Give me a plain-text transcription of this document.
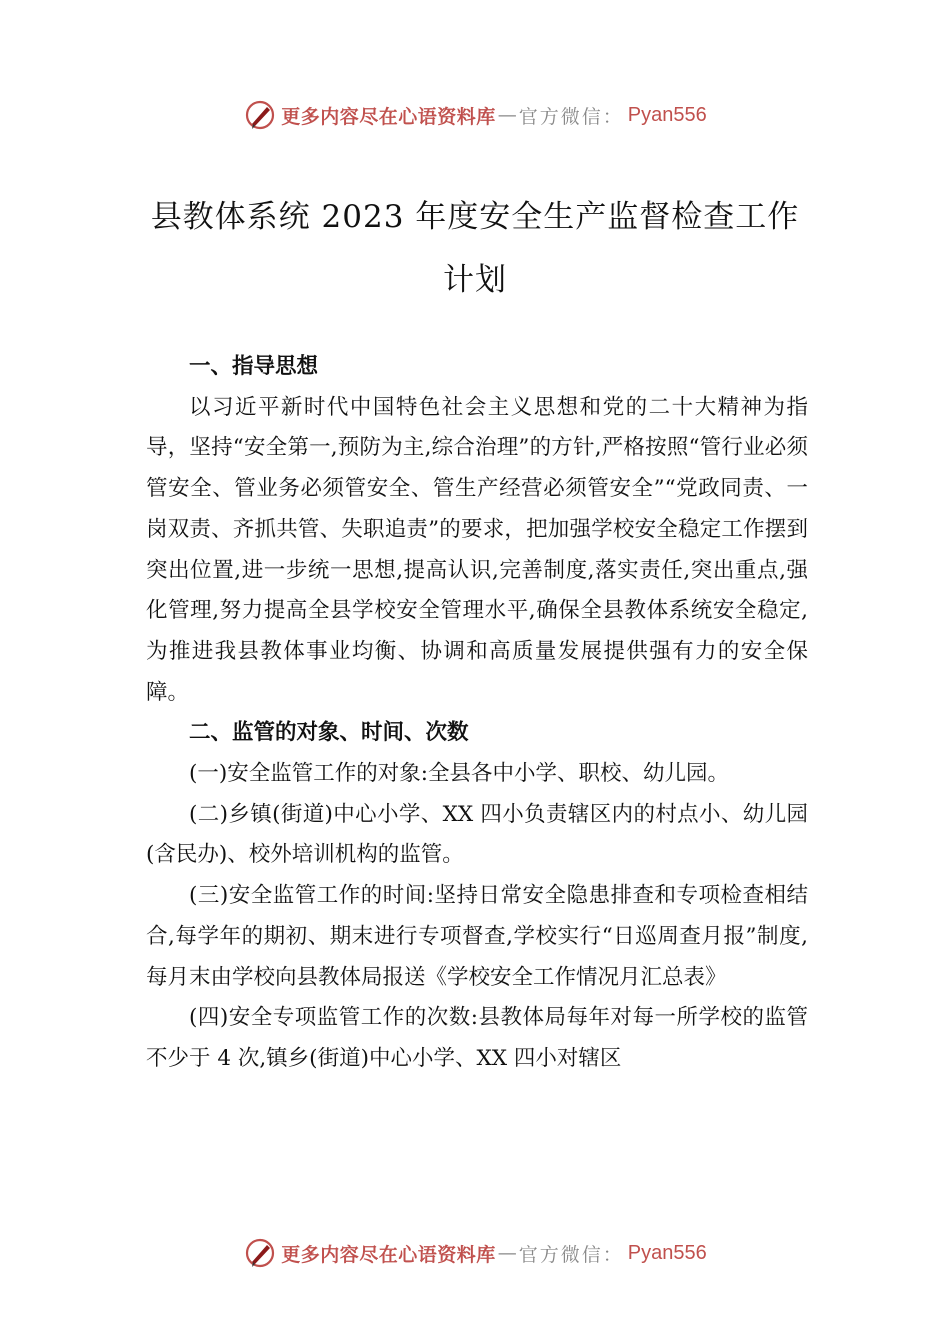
更多内容尽在心语资料库 — 官方微信： Pyan556
县教体系统 2023 年度安全生产监督检查工作计划
一、指导思想

以习近平新时代中国特色社会主义思想和党的二十大精神为指导，坚持“安全第一,预防为主,综合治理”的方针,严格按照“管行业必须管安全、管业务必须管安全、管生产经营必须管安全”“党政同责、一岗双责、齐抓共管、失职追责”的要求，把加强学校安全稳定工作摆到突出位置,进一步统一思想,提高认识,完善制度,落实责任,突出重点,强化管理,努力提高全县学校安全管理水平,确保全县教体系统安全稳定,为推进我县教体事业均衡、协调和高质量发展提供强有力的安全保障。

二、监管的对象、时间、次数

(一)安全监管工作的对象:全县各中小学、职校、幼儿园。

(二)乡镇(街道)中心小学、XX 四小负责辖区内的村点小、幼儿园(含民办)、校外培训机构的监管。

(三)安全监管工作的时间:坚持日常安全隐患排查和专项检查相结合,每学年的期初、期末进行专项督查,学校实行“日巡周查月报”制度,每月末由学校向县教体局报送《学校安全工作情况月汇总表》

(四)安全专项监管工作的次数:县教体局每年对每一所学校的监管不少于 4 次,镇乡(街道)中心小学、XX 四小对辖区

更多内容尽在心语资料库 — 官方微信： Pyan556
